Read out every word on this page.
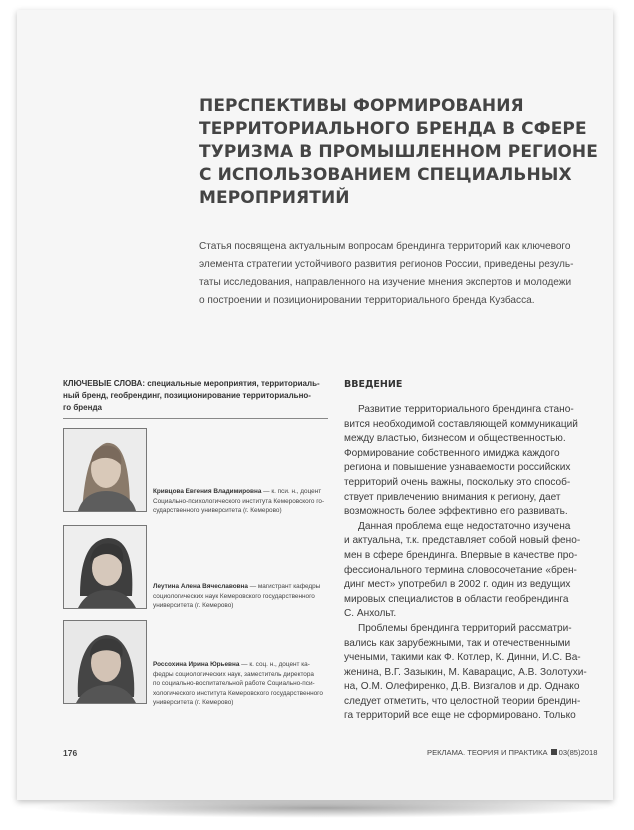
ПЕРСПЕКТИВЫ ФОРМИРОВАНИЯ
ТЕРРИТОРИАЛЬНОГО БРЕНДА В СФЕРЕ
ТУРИЗМА В ПРОМЫШЛЕННОМ РЕГИОНЕ
С ИСПОЛЬЗОВАНИЕМ СПЕЦИАЛЬНЫХ
МЕРОПРИЯТИЙ

Статья посвящена актуальным вопросам брендинга территорий как ключевого
элемента стратегии устойчивого развития регионов России, приведены резуль-
таты исследования, направленного на изучение мнения экспертов и молодежи
о построении и позиционировании территориального бренда Кузбасса.

КЛЮЧЕВЫЕ СЛОВА: специальные мероприятия, территориаль-
ный бренд, геобрендинг, позиционирование территориально-
го бренда

Кривцова Евгения Владимировна — к. пси. н., доцент
Социально-психологического института Кемеровского го-
сударственного университета (г. Кемерово)

Леутина Алена Вячеславовна — магистрант кафедры
социологических наук Кемеровского государственного
университета (г. Кемерово)

Россохина Ирина Юрьевна — к. соц. н., доцент ка-
федры социологических наук, заместитель директора
по социально-воспитательной работе Социально-пси-
хологического института Кемеровского государственного
университета (г. Кемерово)

ВВЕДЕНИЕ
Развитие территориального брендинга стано-
вится необходимой составляющей коммуникаций
между властью, бизнесом и общественностью.
Формирование собственного имиджа каждого
региона и повышение узнаваемости российских
территорий очень важны, поскольку это способ-
ствует привлечению внимания к региону, дает
возможность более эффективно его развивать.
Данная проблема еще недостаточно изучена
и актуальна, т.к. представляет собой новый фено-
мен в сфере брендинга. Впервые в качестве про-
фессионального термина словосочетание «брен-
динг мест» употребил в 2002 г. один из ведущих
мировых специалистов в области геобрендинга
С. Анхольт.
Проблемы брендинга территорий рассматри-
вались как зарубежными, так и отечественными
учеными, такими как Ф. Котлер, К. Динни, И.С. Ва-
женина, В.Г. Зазыкин, М. Каварацис, А.В. Золотухи-
на, О.М. Олефиренко, Д.В. Визгалов и др. Однако
следует отметить, что целостной теории брендин-
га территорий все еще не сформировано. Только
176	РЕКЛАМА. ТЕОРИЯ И ПРАКТИКА 03(85)2018
